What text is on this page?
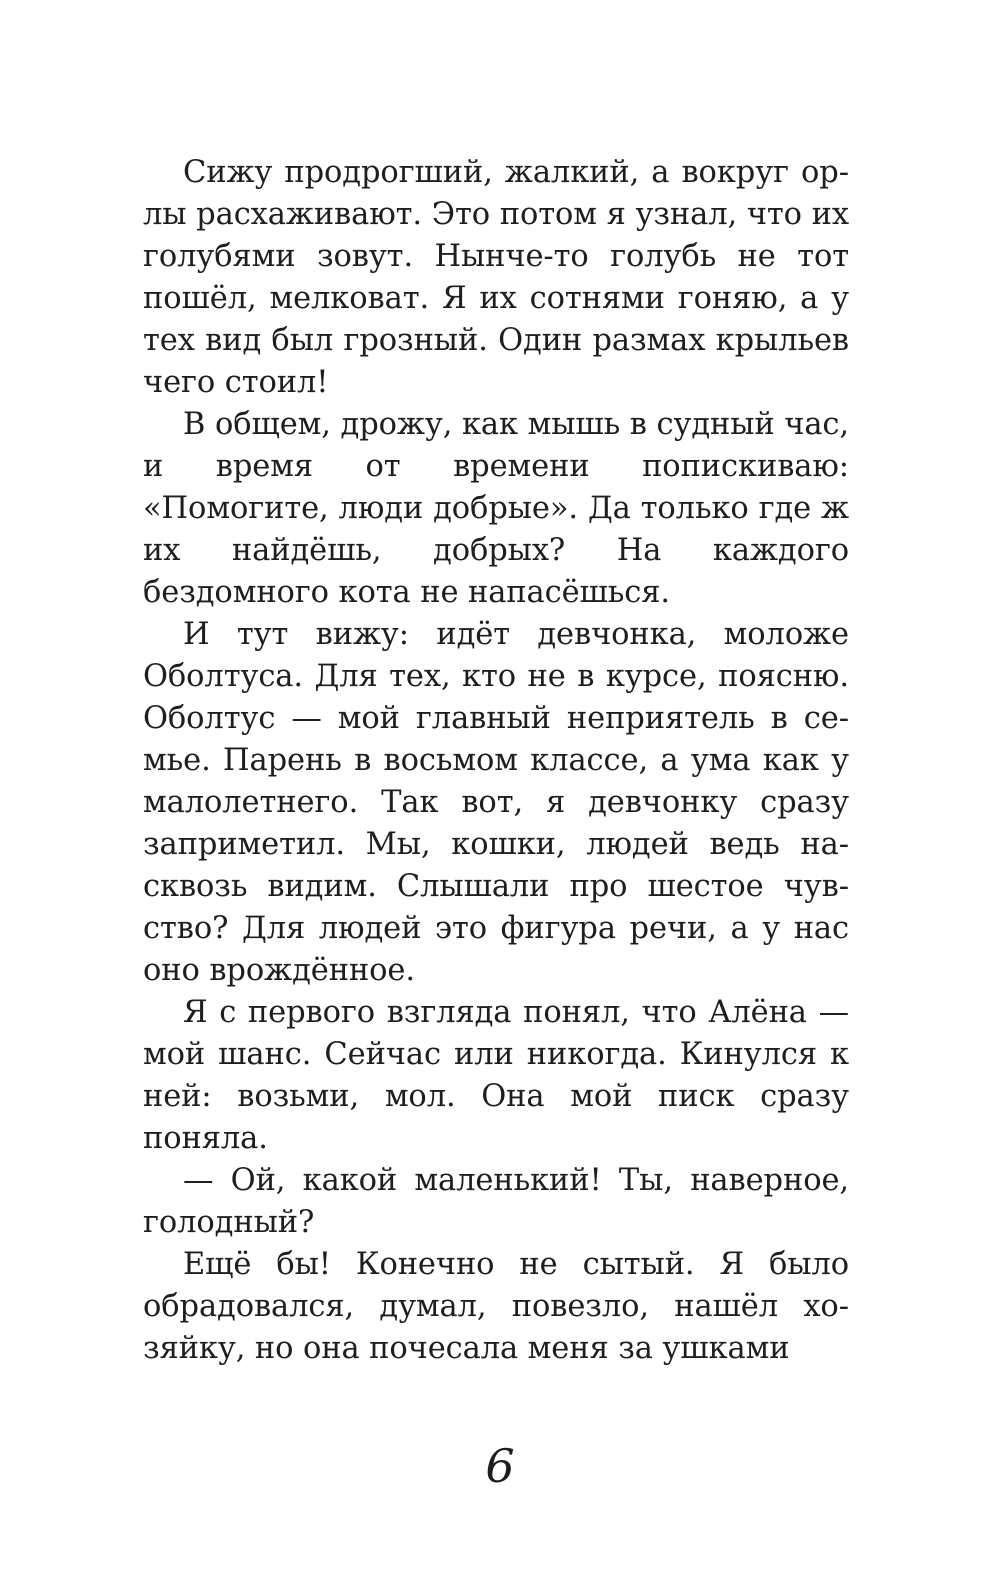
Сижу продрогший, жалкий, а вокруг орлы расхаживают. Это потом я узнал, что их голубями зовут. Нынче-то голубь не тот пошёл, мелковат. Я их сотнями гоняю, а у тех вид был грозный. Один размах крыльев чего стоил!

В общем, дрожу, как мышь в судный час, и время от времени попискиваю: «Помогите, люди добрые». Да только где ж их найдёшь, добрых? На каждого бездомного кота не напасёшься.

И тут вижу: идёт девчонка, моложе Оболтуса. Для тех, кто не в курсе, поясню. Оболтус — мой главный неприятель в семье. Парень в восьмом классе, а ума как у малолетнего. Так вот, я девчонку сразу заприметил. Мы, кошки, людей ведь насквозь видим. Слышали про шестое чувство? Для людей это фигура речи, а у нас оно врождённое.

Я с первого взгляда понял, что Алёна — мой шанс. Сейчас или никогда. Кинулся к ней: возьми, мол. Она мой писк сразу поняла.

— Ой, какой маленький! Ты, наверное, голодный?

Ещё бы! Конечно не сытый. Я было обрадовался, думал, повезло, нашёл хозяйку, но она почесала меня за ушками

6
